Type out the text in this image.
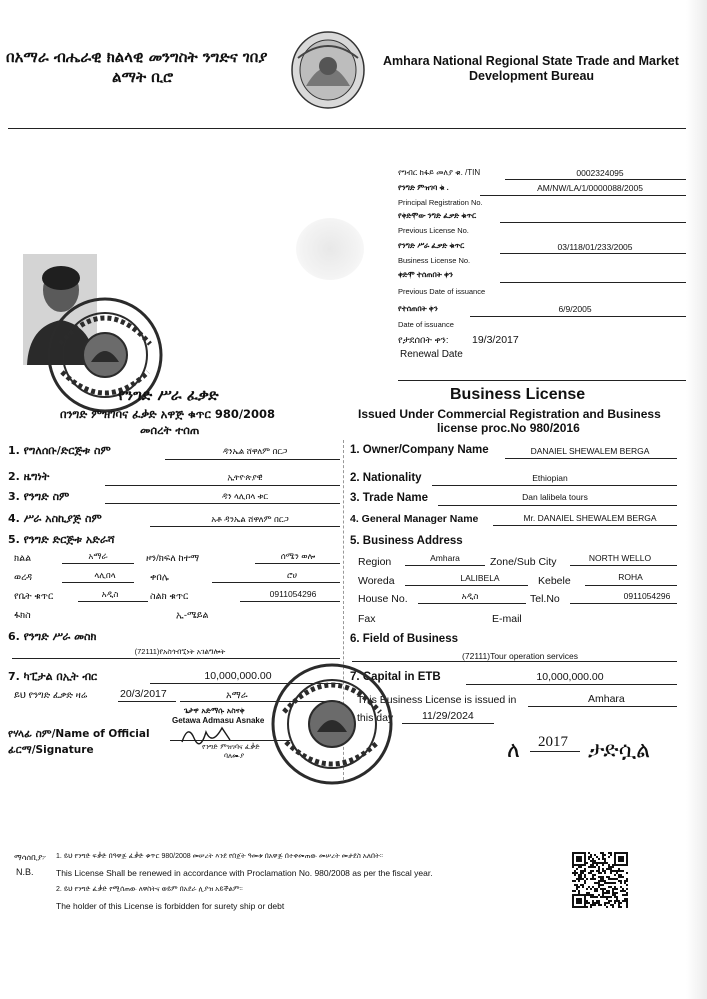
በአማራ ብሔራዊ ክልላዊ መንግስት ንግድና ገበያ
ልማት ቢሮ
Amhara National Regional State Trade and Market
Development Bureau
የግብር ከፋይ መለያ ቁ. /TIN	0002324095
የንግድ ምዝገባ ቁ .	AM/NW/LA/1/0000088/2005
Principal Registration No.
የቀድሞው ንግድ ፈቃድ ቁጥር
Previous License No.
የንግድ ሥራ ፈቃድ ቁጥር	03/118/01/233/2005
Business License No.
ቀድሞ ተሰጠበት ቀን
Previous Date of issuance
የተሰጠበት ቀን	6/9/2005
Date of issuance
የታደሰበት ቀን: 19/3/2017
Renewal Date
የንግድ ሥራ ፈቃድ
በንግድ ምዝገባና ፈቃድ አዋጅ ቁጥር 980/2008
መሰረት ተሰጠ
Business License
Issued Under Commercial Registration and Business
license proc.No 980/2016
1. የግለሰቡ/ድርጅቱ ስም	ዳንኤል ሸዋለም በርጋ
2. ዜግነት	ኢትዮጵያዊ
3. የንግድ ስም	ዳን ላሊበላ ቱር
4. ሥራ አስኪያጅ ስም	አቶ ዳንኤል ሸዋለም በርጋ
5. የንግድ ድርጅቱ አድራሻ
ክልል	አማራ	ዞን/ክፍለ ከተማ	ሰሜን ወሎ
ወረዳ	ላሊበላ	ቀበሌ	ሮሀ
የቤት ቁጥር	አዲስ	ስልክ ቁጥር	0911054296
ፋክስ	ኢ-ሜይል
6. የንግድ ሥራ መስክ
(72111)የአስጎብኚነት አገልግሎት
7. ካፒታል በኢት ብር	10,000,000.00
ይህ የንግድ ፈቃድ ዛሬ	20/3/2017	አማራ
ጌታዋ አድማሱ አስናቀ
Getawa Admasu Asnake
የሃላፊ ስም/Name of Official
ፊርማ/Signature	የንግድ ምዝገባና ፈቃድ
ባለሙያ
1. Owner/Company Name	DANAIEL SHEWALEM BERGA
2. Nationality	Ethiopian
3. Trade Name	Dan lalibela tours
4. General Manager Name	Mr. DANAIEL SHEWALEM BERGA
5. Business Address
Region	Amhara	Zone/Sub City	NORTH WELLO
Woreda	LALIBELA	Kebele	ROHA
House No.	አዲስ	Tel.No	0911054296
Fax	E-mail
6. Field of Business
(72111)Tour operation services
7. Capital in ETB	10,000,000.00
This Business License is issued in	Amhara
this day	11/29/2024
ለ 2017 ታድሷል
ማሳሰቢያ፦
N.B.
1. ይህ የንግድ ፍቃድ በዓዋጅ ፈቃድ ቁጥር 980/2008 መሠረት እንደ የበጀት ዓመቱ በአዋጅ በተቀመጠው መሠረት መታደስ አለበት።
This License Shall be renewed in accordance with Proclamation No. 980/2008 as per the fiscal year.
2. ይህ የንግድ ፈቃድ የሚሰጠው ለዋስትና ወይም በአደራ ሊያዝ አይችልም።
The holder of this License is forbidden for surety ship or debt
